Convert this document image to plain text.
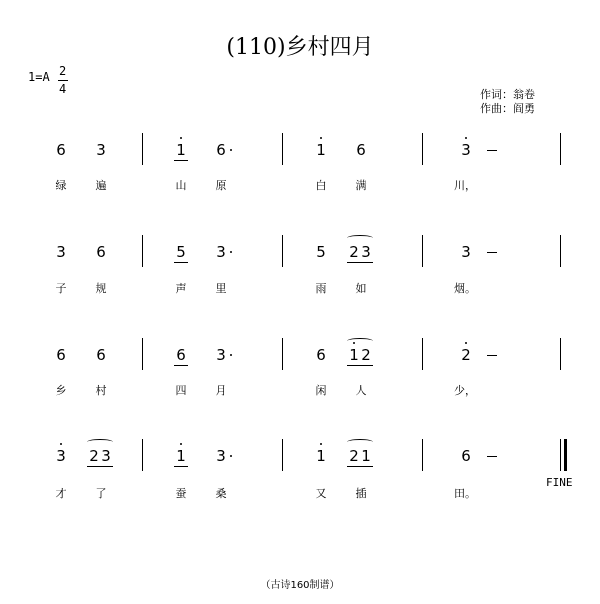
(110)乡村四月
1=A 2
4	作词：翁卷
作曲：阎勇
6 3	1 6	1 6	3
绿	遍	山	原	白	满	川，
3 6	5 3	5 2 3	3
子	规	声	里	雨	如	烟。
6 6	6 3	6 1 2	2
乡	村	四	月	闲	人	少，
3 2 3	1 3	1 2 1	6
才	了	蚕	桑	又	插	田。
FINE
（古诗160制谱）
